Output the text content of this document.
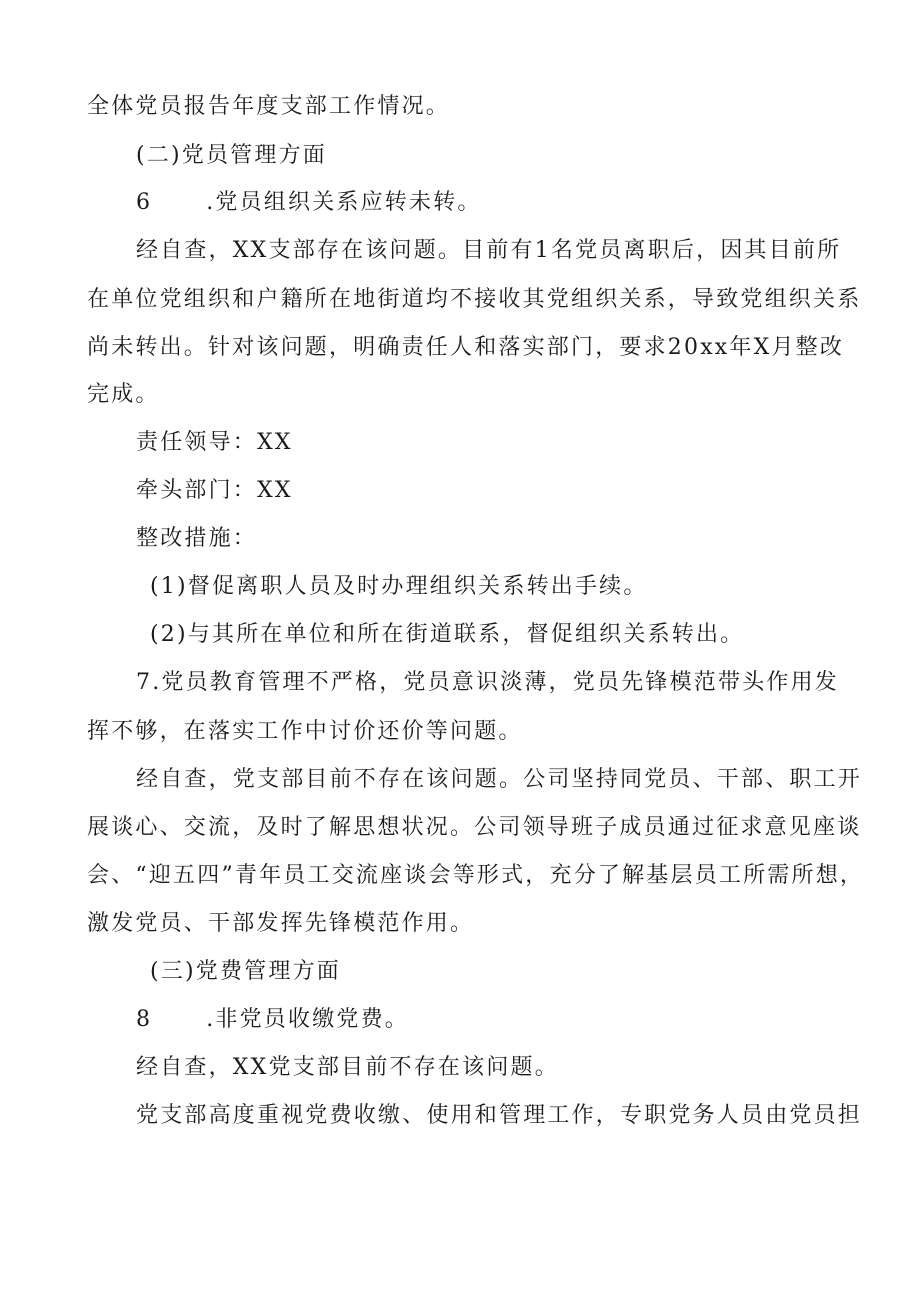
全体党员报告年度支部工作情况。
(二)党员管理方面
6 .党员组织关系应转未转。
经自查，XX支部存在该问题。目前有1名党员离职后，因其目前所
在单位党组织和户籍所在地街道均不接收其党组织关系，导致党组织关系
尚未转出。针对该问题，明确责任人和落实部门，要求20xx年X月整改
完成。
责任领导：XX
牵头部门：XX
整改措施：
(1)督促离职人员及时办理组织关系转出手续。
(2)与其所在单位和所在街道联系，督促组织关系转出。
7.党员教育管理不严格，党员意识淡薄，党员先锋模范带头作用发
挥不够，在落实工作中讨价还价等问题。
经自查，党支部目前不存在该问题。公司坚持同党员、干部、职工开
展谈心、交流，及时了解思想状况。公司领导班子成员通过征求意见座谈
会、“迎五四”青年员工交流座谈会等形式，充分了解基层员工所需所想，
激发党员、干部发挥先锋模范作用。
(三)党费管理方面
8 .非党员收缴党费。
经自查，XX党支部目前不存在该问题。
党支部高度重视党费收缴、使用和管理工作，专职党务人员由党员担
